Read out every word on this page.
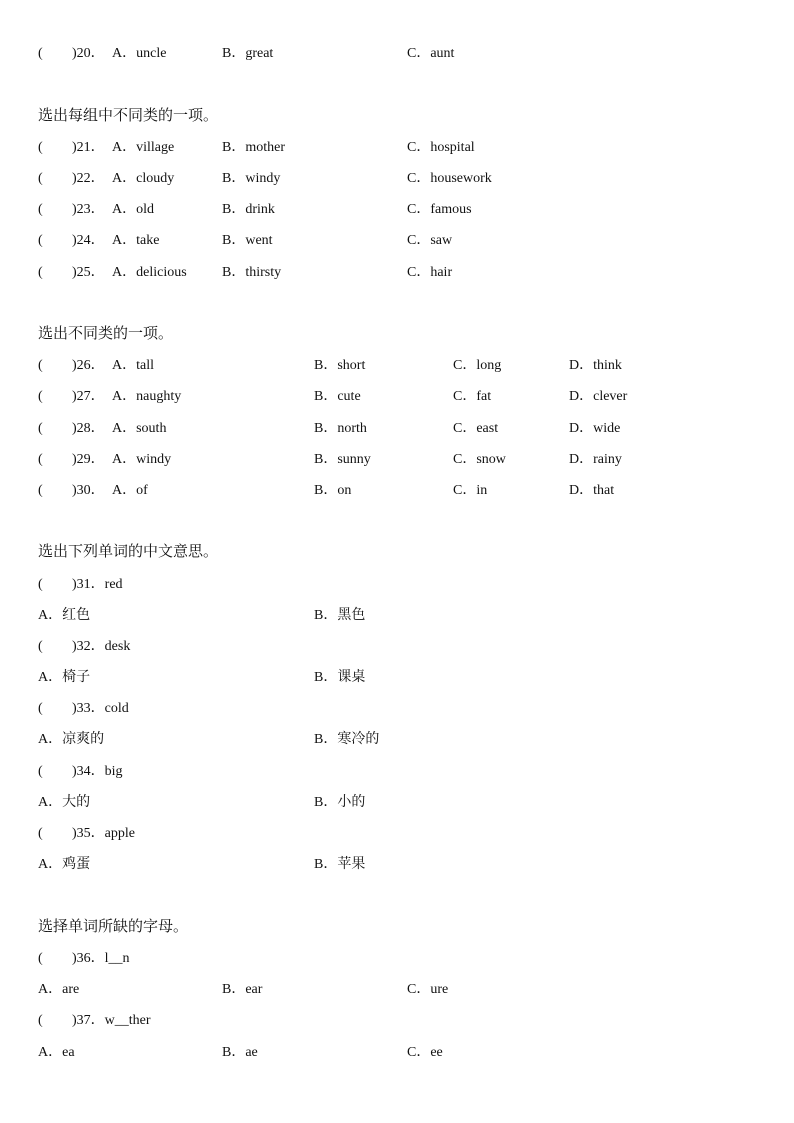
( )20． A．uncle	B．great	C．aunt
选出每组中不同类的一项。
( )21． A．village	B．mother	C．hospital
( )22． A．cloudy	B．windy	C．housework
( )23． A．old	B．drink	C．famous
( )24． A．take	B．went	C．saw
( )25． A．delicious	B．thirsty	C．hair
选出不同类的一项。
( )26． A．tall	B．short	C．long	D．think
( )27． A．naughty	B．cute	C．fat	D．clever
( )28． A．south	B．north	C．east	D．wide
( )29． A．windy	B．sunny	C．snow	D．rainy
( )30． A．of	B．on	C．in	D．that
选出下列单词的中文意思。
( )31．red
A．红色	B．黑色
( )32．desk
A．椅子	B．课桌
( )33．cold
A．凉爽的	B．寒冷的
( )34．big
A．大的	B．小的
( )35．apple
A．鸡蛋	B．苹果
选择单词所缺的字母。
( )36．l__n
A．are	B．ear	C．ure
( )37．w__ther
A．ea	B．ae	C．ee
